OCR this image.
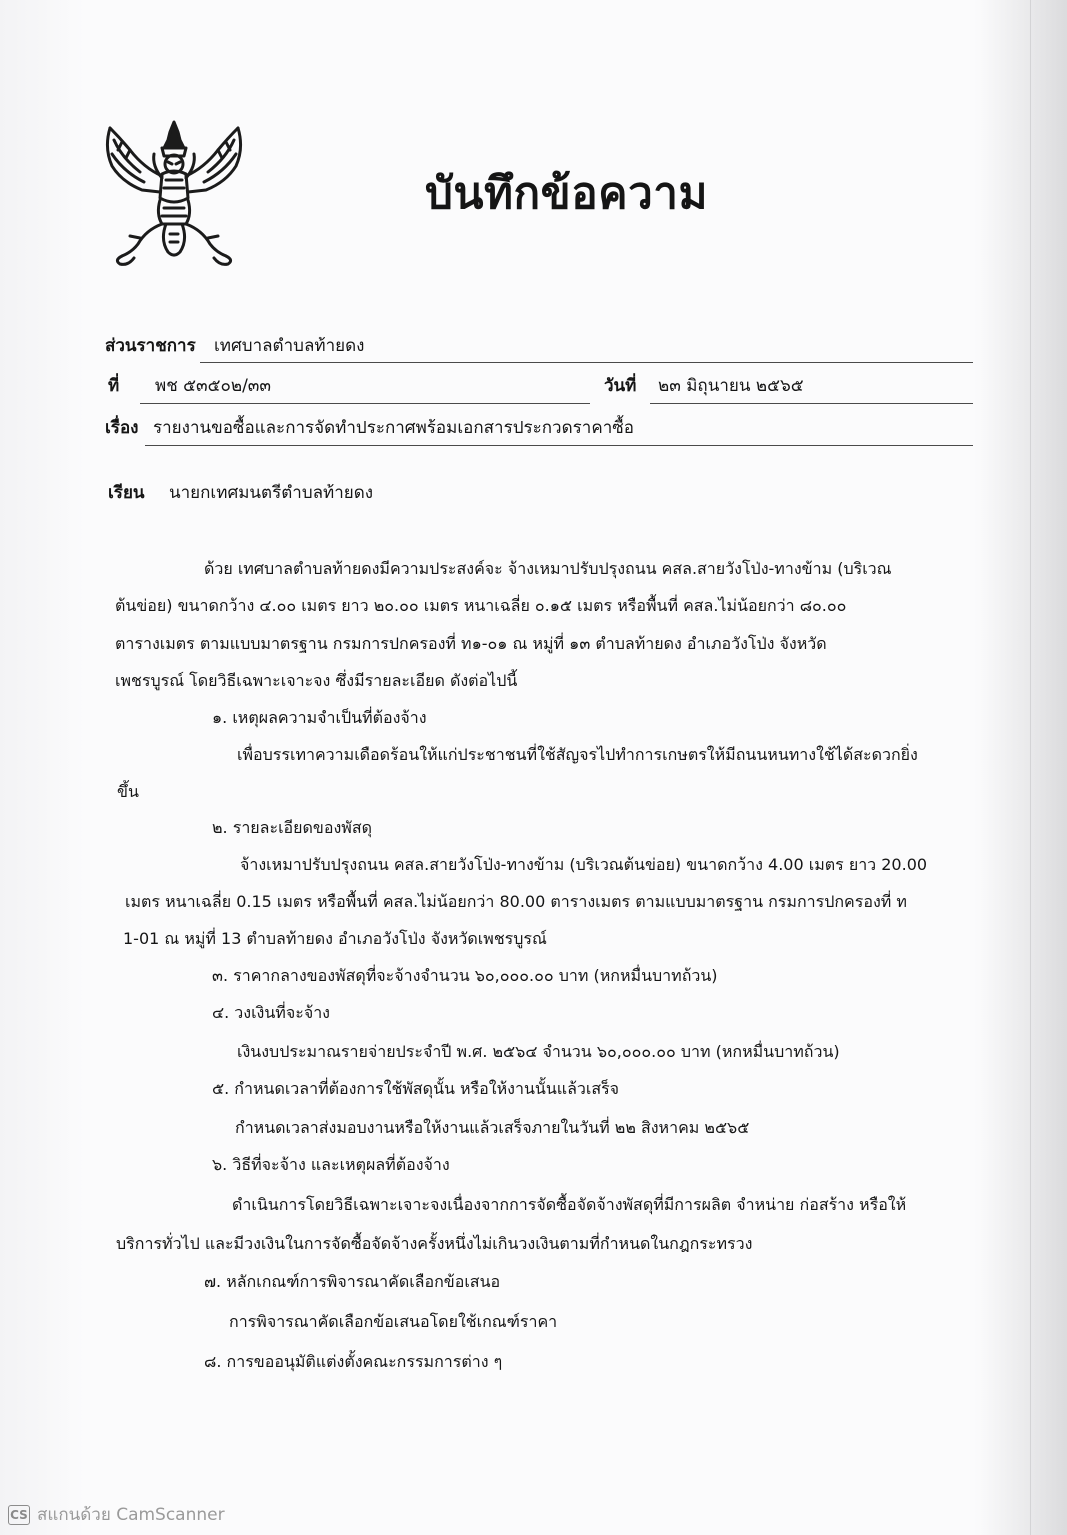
บันทึกข้อความ
ส่วนราชการ เทศบาลตำบลท้ายดง
ที่ พช ๕๓๕๐๒/๓๓	วันที่ ๒๓ มิถุนายน ๒๕๖๕
เรื่อง รายงานขอซื้อและการจัดทำประกาศพร้อมเอกสารประกวดราคาซื้อ
เรียน นายกเทศมนตรีตำบลท้ายดง
ด้วย เทศบาลตำบลท้ายดงมีความประสงค์จะ จ้างเหมาปรับปรุงถนน คสล.สายวังโป่ง-ทางข้าม (บริเวณ
ต้นข่อย) ขนาดกว้าง ๔.๐๐ เมตร ยาว ๒๐.๐๐ เมตร หนาเฉลี่ย ๐.๑๕ เมตร หรือพื้นที่ คสล.ไม่น้อยกว่า ๘๐.๐๐
ตารางเมตร ตามแบบมาตรฐาน กรมการปกครองที่ ท๑-๐๑ ณ หมู่ที่ ๑๓ ตำบลท้ายดง อำเภอวังโป่ง จังหวัด
เพชรบูรณ์ โดยวิธีเฉพาะเจาะจง ซึ่งมีรายละเอียด ดังต่อไปนี้
๑. เหตุผลความจำเป็นที่ต้องจ้าง
เพื่อบรรเทาความเดือดร้อนให้แก่ประชาชนที่ใช้สัญจรไปทำการเกษตรให้มีถนนหนทางใช้ได้สะดวกยิ่ง
ขึ้น
๒. รายละเอียดของพัสดุ
จ้างเหมาปรับปรุงถนน คสล.สายวังโป่ง-ทางข้าม (บริเวณต้นข่อย) ขนาดกว้าง 4.00 เมตร ยาว 20.00
เมตร หนาเฉลี่ย 0.15 เมตร หรือพื้นที่ คสล.ไม่น้อยกว่า 80.00 ตารางเมตร ตามแบบมาตรฐาน กรมการปกครองที่ ท
1-01 ณ หมู่ที่ 13 ตำบลท้ายดง อำเภอวังโป่ง จังหวัดเพชรบูรณ์
๓. ราคากลางของพัสดุที่จะจ้างจำนวน ๖๐,๐๐๐.๐๐ บาท (หกหมื่นบาทถ้วน)
๔. วงเงินที่จะจ้าง
เงินงบประมาณรายจ่ายประจำปี พ.ศ. ๒๕๖๔ จำนวน ๖๐,๐๐๐.๐๐ บาท (หกหมื่นบาทถ้วน)
๕. กำหนดเวลาที่ต้องการใช้พัสดุนั้น หรือให้งานนั้นแล้วเสร็จ
กำหนดเวลาส่งมอบงานหรือให้งานแล้วเสร็จภายในวันที่ ๒๒ สิงหาคม ๒๕๖๕
๖. วิธีที่จะจ้าง และเหตุผลที่ต้องจ้าง
ดำเนินการโดยวิธีเฉพาะเจาะจงเนื่องจากการจัดซื้อจัดจ้างพัสดุที่มีการผลิต จำหน่าย ก่อสร้าง หรือให้
บริการทั่วไป และมีวงเงินในการจัดซื้อจัดจ้างครั้งหนึ่งไม่เกินวงเงินตามที่กำหนดในกฎกระทรวง
๗. หลักเกณฑ์การพิจารณาคัดเลือกข้อเสนอ
การพิจารณาคัดเลือกข้อเสนอโดยใช้เกณฑ์ราคา
๘. การขออนุมัติแต่งตั้งคณะกรรมการต่าง ๆ
CS สแกนด้วย CamScanner
